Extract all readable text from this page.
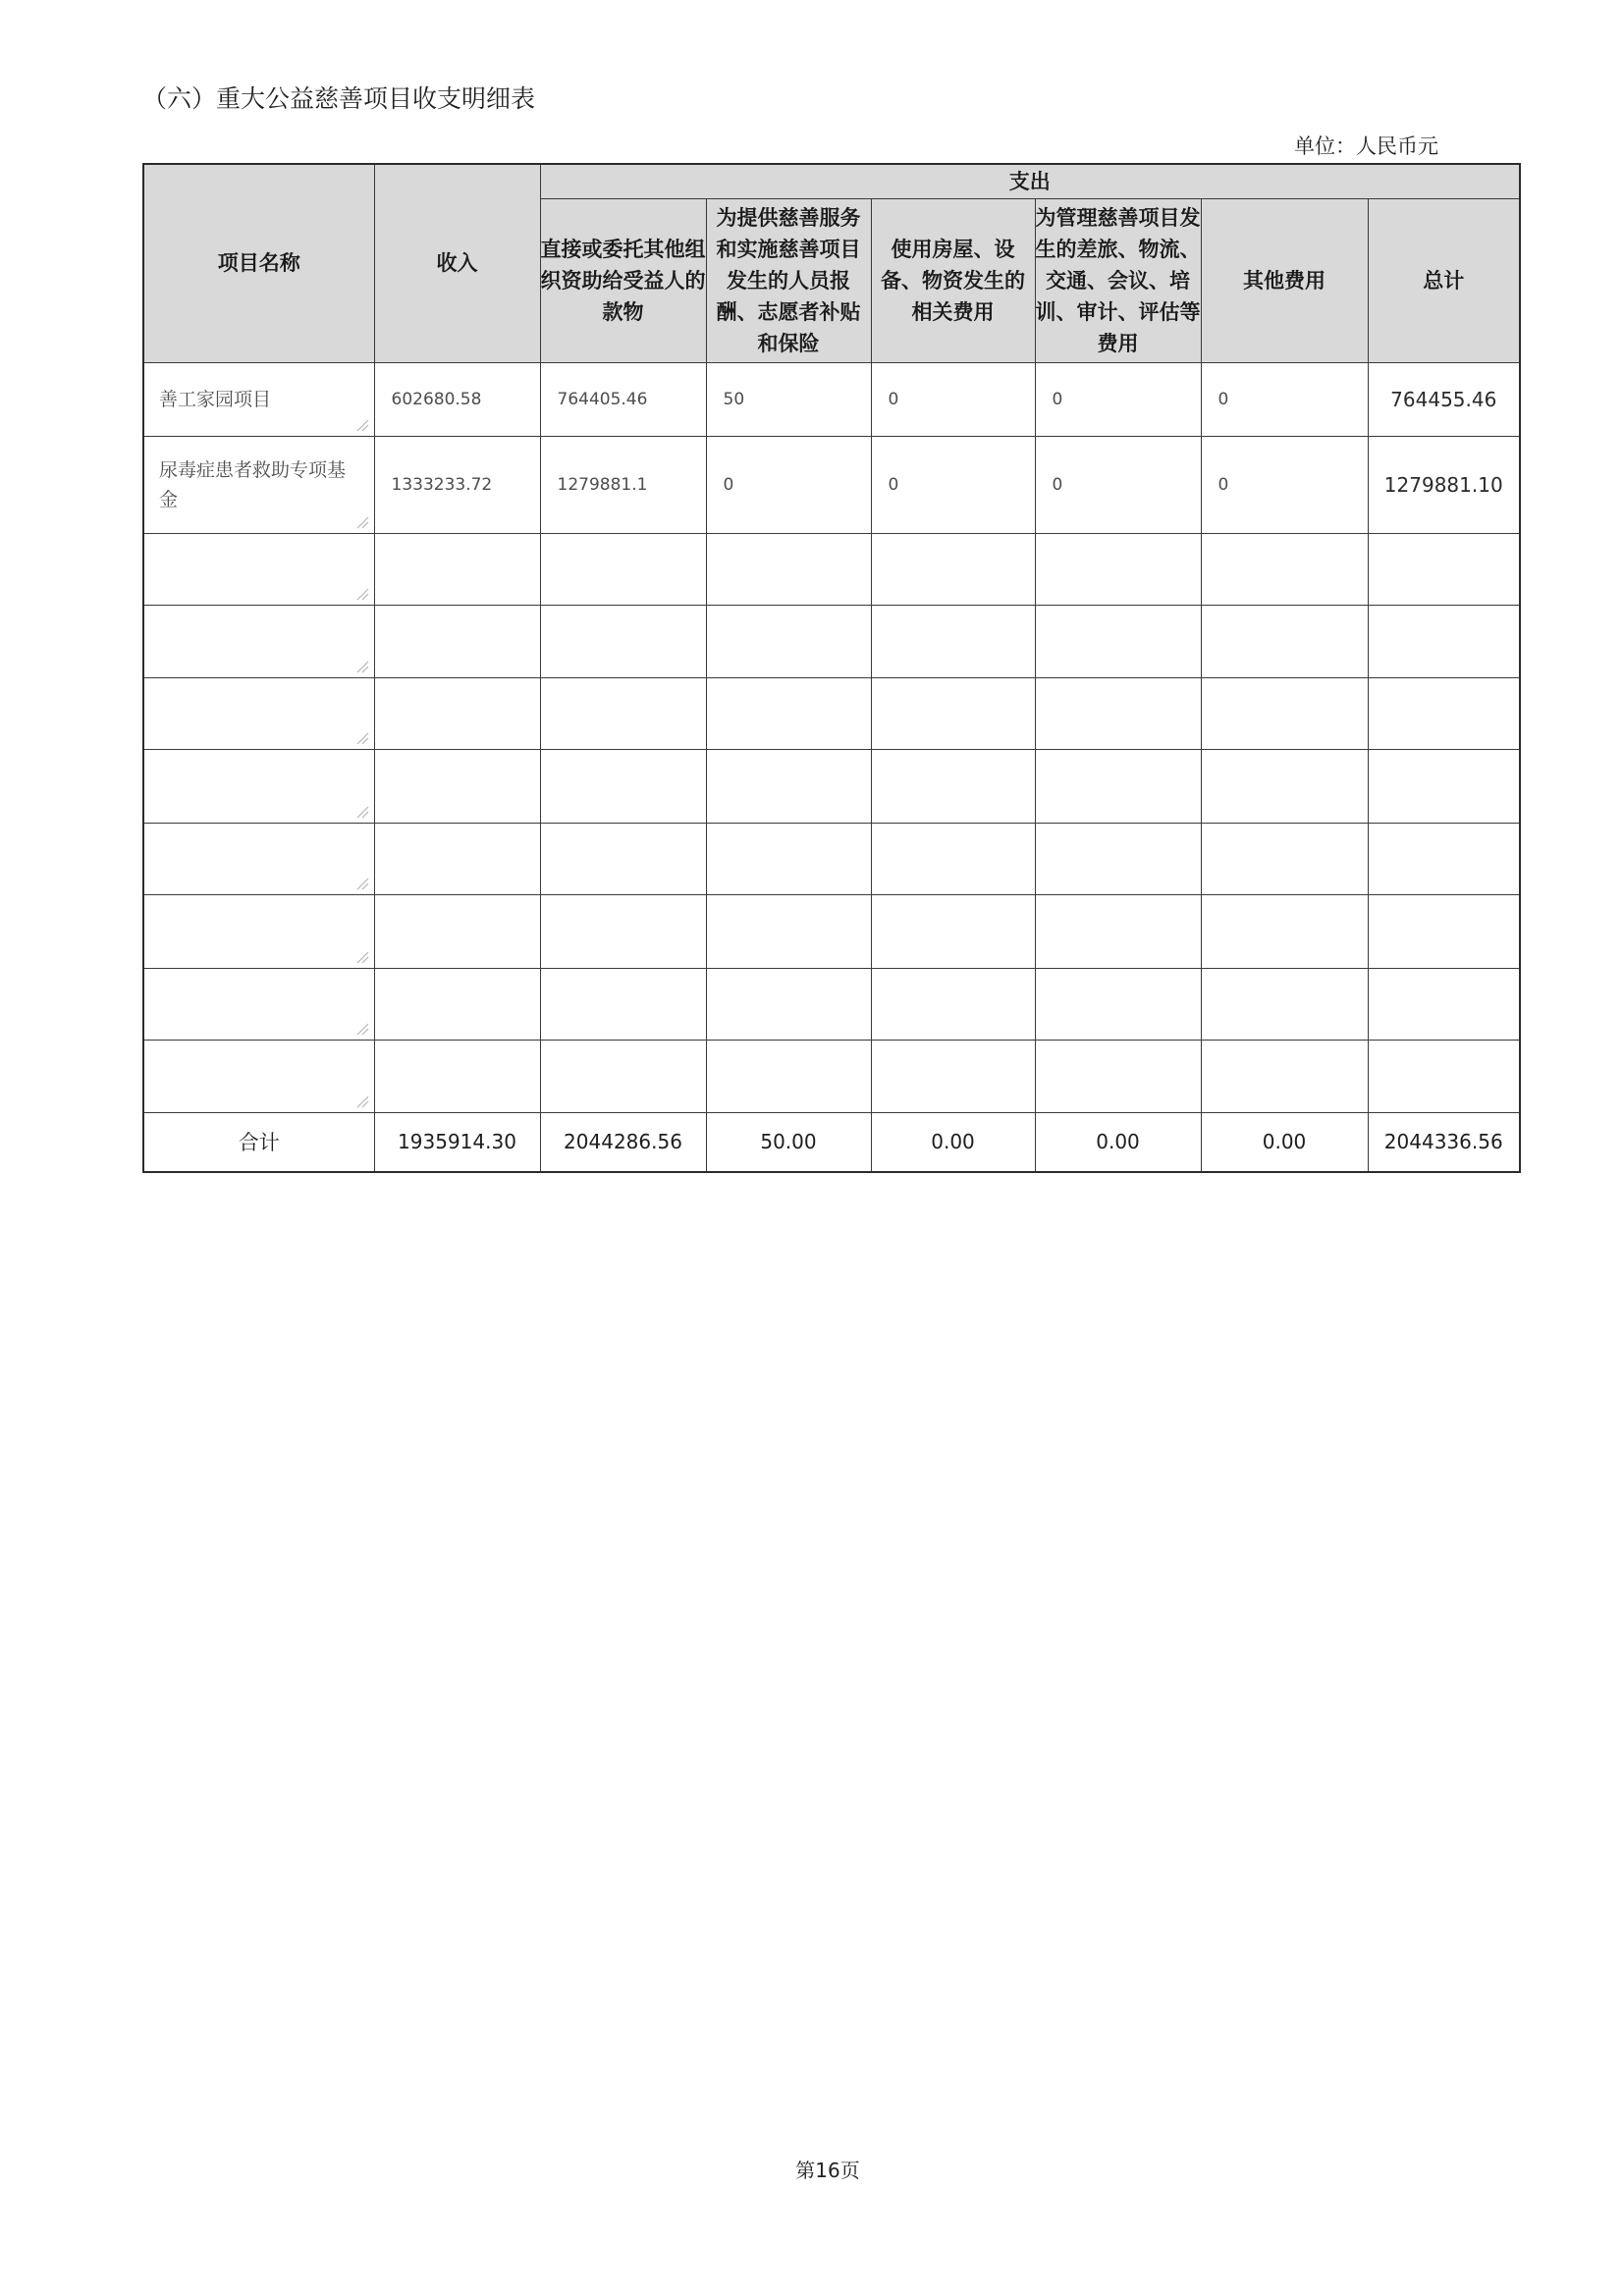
（六）重大公益慈善项目收支明细表
单位：人民币元
项目名称	收入	支出					
		直接或委托其他组织资助给受益人的款物	为提供慈善服务和实施慈善项目发生的人员报酬、志愿者补贴和保险	使用房屋、设备、物资发生的相关费用	为管理慈善项目发生的差旅、物流、交通、会议、培训、审计、评估等费用	其他费用	总计
善工家园项目	602680.58	764405.46	50	0	0	0	764455.46
尿毒症患者救助专项基金	1333233.72	1279881.1	0	0	0	0	1279881.10

合计	1935914.30	2044286.56	50.00	0.00	0.00	0.00	2044336.56
第16页
